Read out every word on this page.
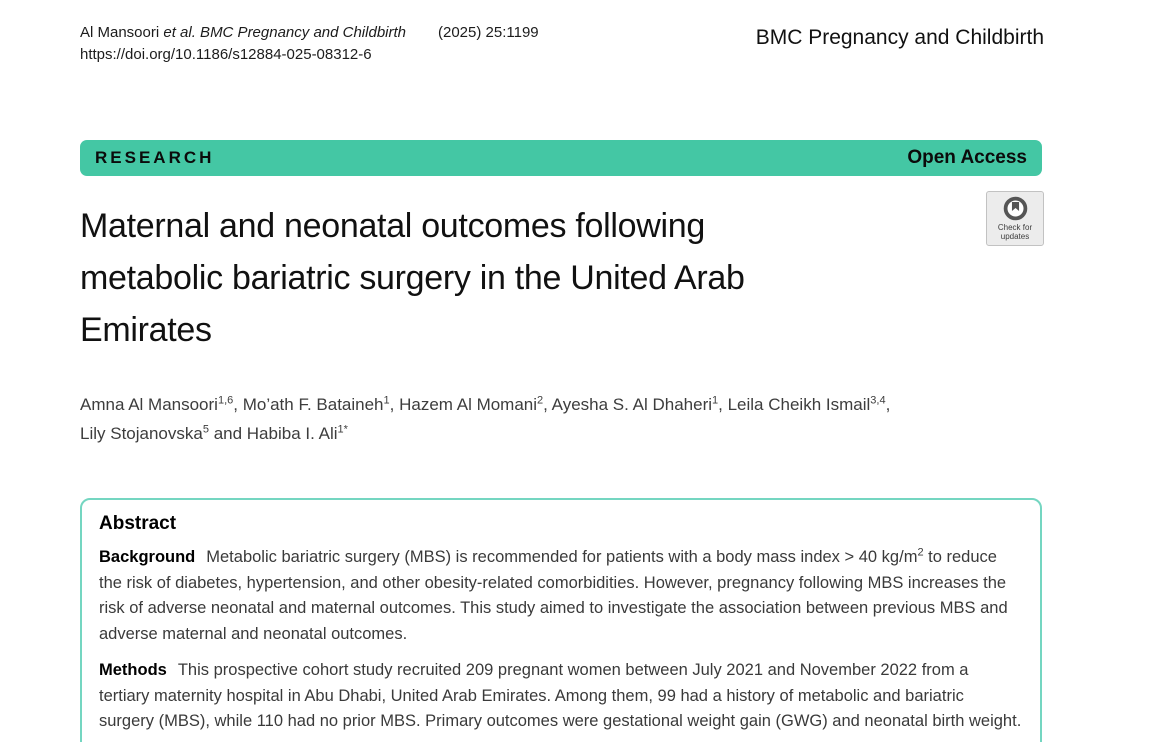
Al Mansoori et al. BMC Pregnancy and Childbirth (2025) 25:1199
https://doi.org/10.1186/s12884-025-08312-6
BMC Pregnancy and Childbirth
RESEARCH	Open Access
Check for
updates
Maternal and neonatal outcomes following
metabolic bariatric surgery in the United Arab
Emirates
Amna Al Mansoori$^{1,6}$, Mo’ath F. Bataineh$^1$, Hazem Al Momani$^2$, Ayesha S. Al Dhaheri$^1$, Leila Cheikh Ismail$^{3,4}$,
Lily Stojanovska$^5$ and Habiba I. Ali$^{1*}$
Abstract

Background Metabolic bariatric surgery (MBS) is recommended for patients with a body mass index > 40 $kg/m^2$ to reduce the risk of diabetes, hypertension, and other obesity-related comorbidities. However, pregnancy following MBS increases the risk of adverse neonatal and maternal outcomes. This study aimed to investigate the association between previous MBS and adverse maternal and neonatal outcomes.

Methods This prospective cohort study recruited 209 pregnant women between July 2021 and November 2022 from a tertiary maternity hospital in Abu Dhabi, United Arab Emirates. Among them, 99 had a history of metabolic and bariatric surgery (MBS), while 110 had no prior MBS. Primary outcomes were gestational weight gain (GWG) and neonatal birth weight.
